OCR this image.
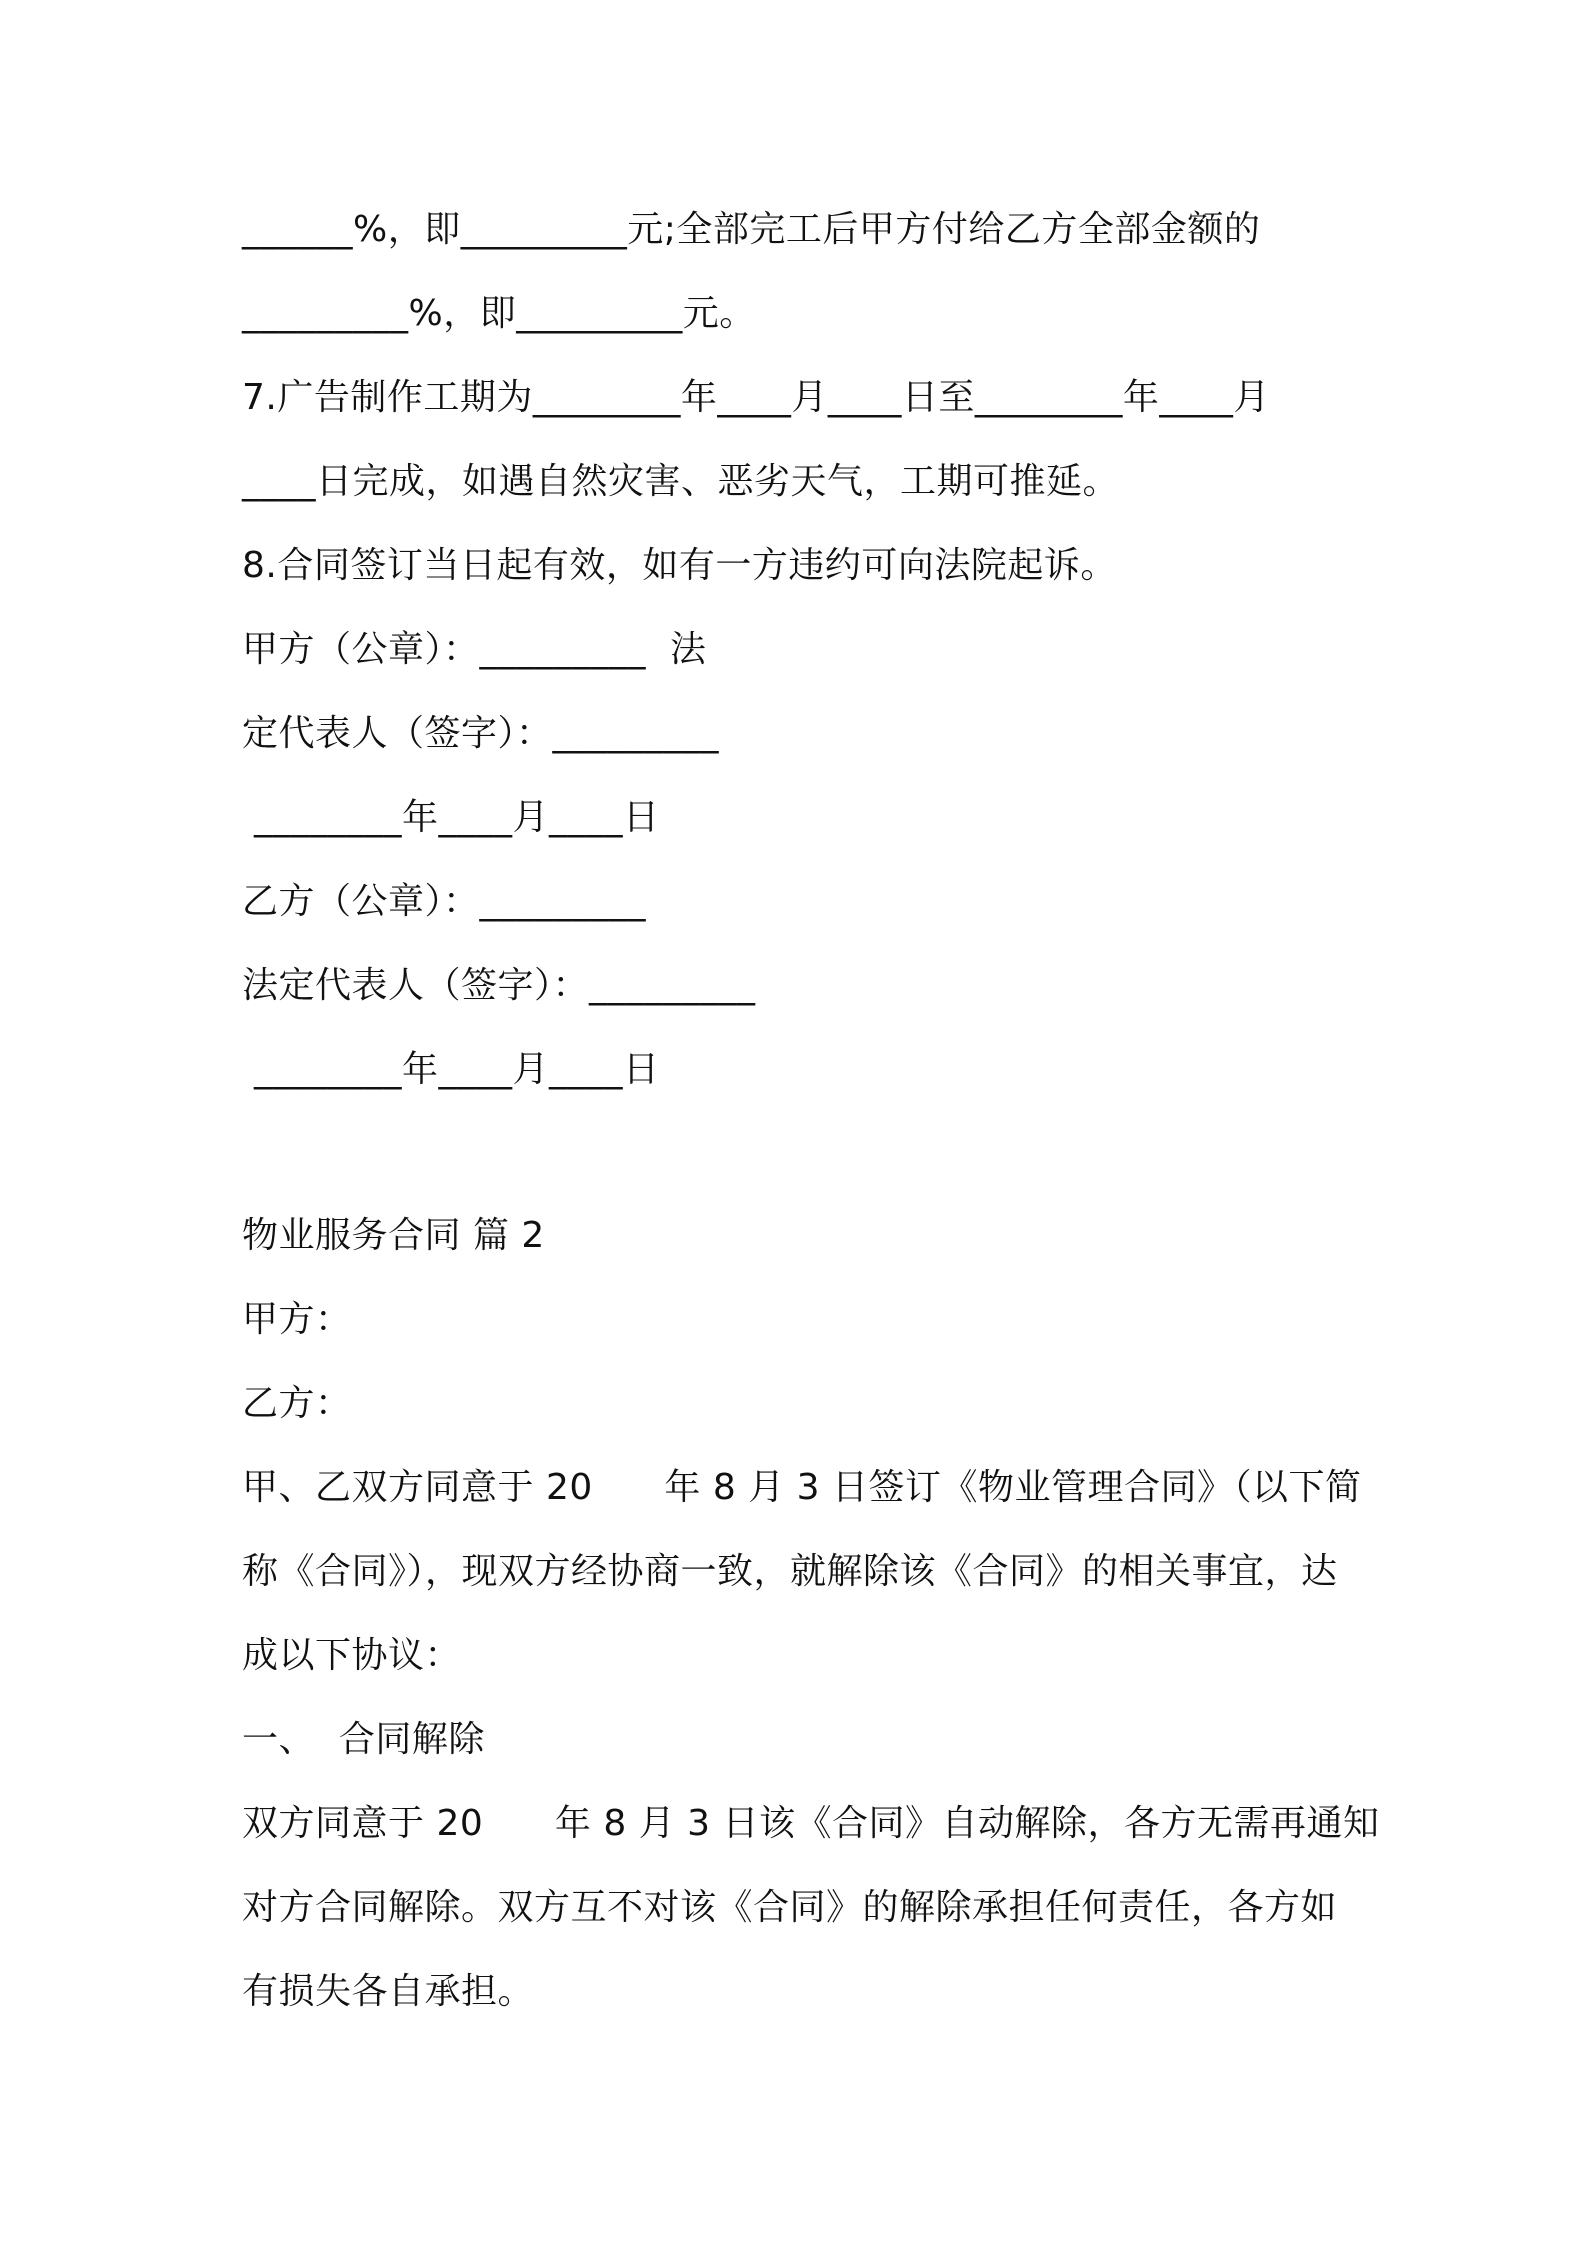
______%，即_________元;全部完工后甲方付给乙方全部金额的
_________%，即_________元。
7.广告制作工期为________年____月____日至________年____月
____日完成，如遇自然灾害、恶劣天气，工期可推延。
8.合同签订当日起有效，如有一方违约可向法院起诉。
甲方（公章）：_________  法
定代表人（签字）：_________
________年____月____日
乙方（公章）：_________
法定代表人（签字）：_________
________年____月____日
物业服务合同 篇 2
甲方：
乙方：
甲、乙双方同意于 20      年 8 月 3 日签订《物业管理合同》（以下简
称《合同》），现双方经协商一致，就解除该《合同》的相关事宜，达
成以下协议：
一、  合同解除
双方同意于 20      年 8 月 3 日该《合同》自动解除，各方无需再通知
对方合同解除。双方互不对该《合同》的解除承担任何责任，各方如
有损失各自承担。
